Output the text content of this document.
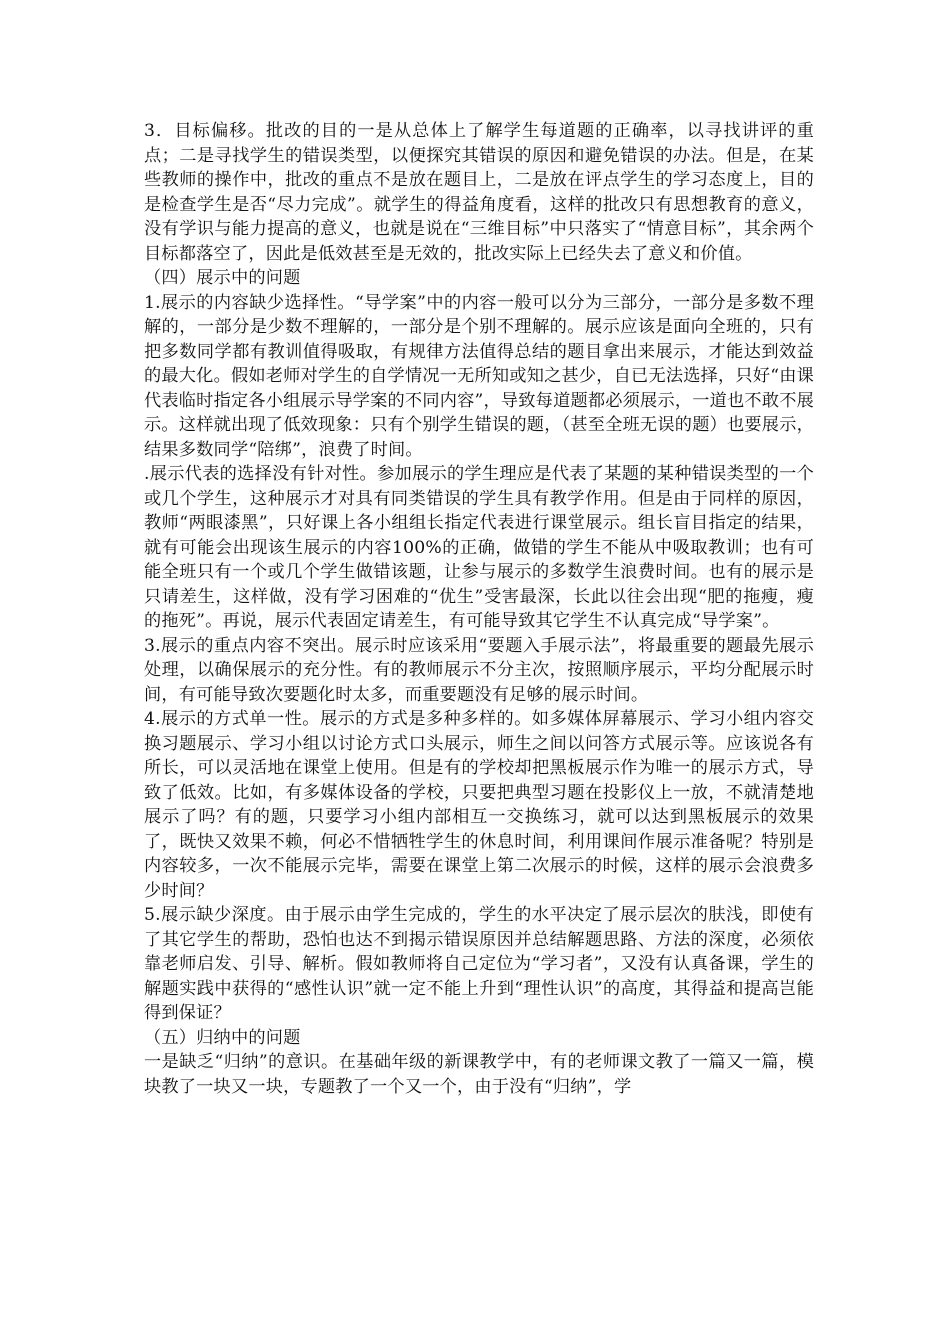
3．目标偏移。批改的目的一是从总体上了解学生每道题的正确率，以寻找讲评的重点；二是寻找学生的错误类型，以便探究其错误的原因和避免错误的办法。但是，在某些教师的操作中，批改的重点不是放在题目上，二是放在评点学生的学习态度上，目的是检查学生是否“尽力完成”。就学生的得益角度看，这样的批改只有思想教育的意义，没有学识与能力提高的意义，也就是说在“三维目标”中只落实了“情意目标”，其余两个目标都落空了，因此是低效甚至是无效的，批改实际上已经失去了意义和价值。

（四）展示中的问题

1.展示的内容缺少选择性。“导学案”中的内容一般可以分为三部分，一部分是多数不理解的，一部分是少数不理解的，一部分是个别不理解的。展示应该是面向全班的，只有把多数同学都有教训值得吸取，有规律方法值得总结的题目拿出来展示，才能达到效益的最大化。假如老师对学生的自学情况一无所知或知之甚少，自已无法选择，只好“由课代表临时指定各小组展示导学案的不同内容”，导致每道题都必须展示，一道也不敢不展示。这样就出现了低效现象：只有个别学生错误的题，（甚至全班无误的题）也要展示，结果多数同学“陪绑”，浪费了时间。

.展示代表的选择没有针对性。参加展示的学生理应是代表了某题的某种错误类型的一个或几个学生，这种展示才对具有同类错误的学生具有教学作用。但是由于同样的原因，教师“两眼漆黑”，只好课上各小组组长指定代表进行课堂展示。组长盲目指定的结果，就有可能会出现该生展示的内容100%的正确，做错的学生不能从中吸取教训；也有可能全班只有一个或几个学生做错该题，让参与展示的多数学生浪费时间。也有的展示是只请差生，这样做，没有学习困难的“优生”受害最深，长此以往会出现“肥的拖瘦，瘦的拖死”。再说，展示代表固定请差生，有可能导致其它学生不认真完成“导学案”。

3.展示的重点内容不突出。展示时应该采用“要题入手展示法”，将最重要的题最先展示处理，以确保展示的充分性。有的教师展示不分主次，按照顺序展示，平均分配展示时间，有可能导致次要题化时太多，而重要题没有足够的展示时间。

4.展示的方式单一性。展示的方式是多种多样的。如多媒体屏幕展示、学习小组内容交换习题展示、学习小组以讨论方式口头展示，师生之间以问答方式展示等。应该说各有所长，可以灵活地在课堂上使用。但是有的学校却把黑板展示作为唯一的展示方式，导致了低效。比如，有多媒体设备的学校，只要把典型习题在投影仪上一放，不就清楚地展示了吗？有的题，只要学习小组内部相互一交换练习，就可以达到黑板展示的效果了，既快又效果不赖，何必不惜牺牲学生的休息时间，利用课间作展示准备呢？特别是内容较多，一次不能展示完毕，需要在课堂上第二次展示的时候，这样的展示会浪费多少时间？

5.展示缺少深度。由于展示由学生完成的，学生的水平决定了展示层次的肤浅，即使有了其它学生的帮助，恐怕也达不到揭示错误原因并总结解题思路、方法的深度，必须依靠老师启发、引导、解析。假如教师将自己定位为“学习者”，又没有认真备课，学生的解题实践中获得的“感性认识”就一定不能上升到“理性认识”的高度，其得益和提高岂能得到保证？

（五）归纳中的问题

一是缺乏“归纳”的意识。在基础年级的新课教学中，有的老师课文教了一篇又一篇，模块教了一块又一块，专题教了一个又一个，由于没有“归纳”，学
